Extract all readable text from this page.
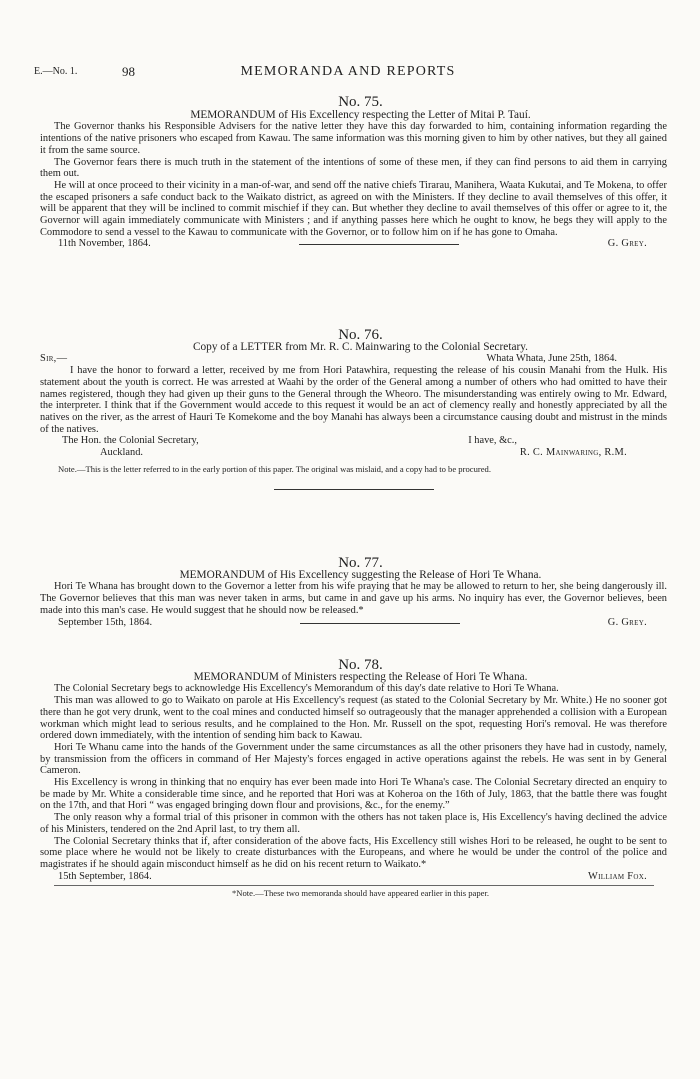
E.—No. 1.	98	MEMORANDA AND REPORTS

No. 75.

MEMORANDUM of His Excellency respecting the Letter of Mitai P. Tauí.

The Governor thanks his Responsible Advisers for the native letter they have this day forwarded to him, containing information regarding the intentions of the native prisoners who escaped from Kawau. The same information was this morning given to him by other natives, but they all gained it from the same source.

The Governor fears there is much truth in the statement of the intentions of some of these men, if they can find persons to aid them in carrying them out.

He will at once proceed to their vicinity in a man-of-war, and send off the native chiefs Tirarau, Manihera, Waata Kukutai, and Te Mokena, to offer the escaped prisoners a safe conduct back to the Waikato district, as agreed on with the Ministers. If they decline to avail themselves of this offer, it will be apparent that they will be inclined to commit mischief if they can. But whether they decline to avail themselves of this offer or agree to it, the Governor will again immediately communicate with Ministers ; and if anything passes here which he ought to know, he begs they will apply to the Commodore to send a vessel to the Kawau to communicate with the Governor, or to follow him on if he has gone to Omaha.

11th November, 1864.	G. Grey.

No. 76.

Copy of a LETTER from Mr. R. C. Mainwaring to the Colonial Secretary.

Sir,—	Whata Whata, June 25th, 1864.

I have the honor to forward a letter, received by me from Hori Patawhira, requesting the release of his cousin Manahi from the Hulk. His statement about the youth is correct. He was arrested at Waahi by the order of the General among a number of others who had omitted to have their names registered, though they had given up their guns to the General through the Wheoro. The misunderstanding was entirely owing to Mr. Edward, the interpreter. I think that if the Government would accede to this request it would be an act of clemency really and honestly appreciated by all the natives on the river, as the arrest of Hauri Te Komekome and the boy Manahi has always been a circumstance causing doubt and mistrust in the minds of the natives.

The Hon. the Colonial Secretary,	I have, &c.,
Auckland.	R. C. Mainwaring, R.M.

Note.—This is the letter referred to in the early portion of this paper. The original was mislaid, and a copy had to be procured.

No. 77.

MEMORANDUM of His Excellency suggesting the Release of Hori Te Whana.

Hori Te Whana has brought down to the Governor a letter from his wife praying that he may be allowed to return to her, she being dangerously ill. The Governor believes that this man was never taken in arms, but came in and gave up his arms. No inquiry has ever, the Governor believes, been made into this man's case. He would suggest that he should now be released.*

September 15th, 1864.	G. Grey.

No. 78.

MEMORANDUM of Ministers respecting the Release of Hori Te Whana.

The Colonial Secretary begs to acknowledge His Excellency's Memorandum of this day's date relative to Hori Te Whana.

This man was allowed to go to Waikato on parole at His Excellency's request (as stated to the Colonial Secretary by Mr. White.) He no sooner got there than he got very drunk, went to the coal mines and conducted himself so outrageously that the manager apprehended a collision with a European workman which might lead to serious results, and he complained to the Hon. Mr. Russell on the spot, requesting Hori's removal. He was therefore ordered down immediately, with the intention of sending him back to Kawau.

Hori Te Whanu came into the hands of the Government under the same circumstances as all the other prisoners they have had in custody, namely, by transmission from the officers in command of Her Majesty's forces engaged in active operations against the rebels. He was sent in by General Cameron.

His Excellency is wrong in thinking that no enquiry has ever been made into Hori Te Whana's case. The Colonial Secretary directed an enquiry to be made by Mr. White a considerable time since, and he reported that Hori was at Koheroa on the 16th of July, 1863, that the battle there was fought on the 17th, and that Hori “ was engaged bringing down flour and provisions, &c., for the enemy.”

The only reason why a formal trial of this prisoner in common with the others has not taken place is, His Excellency's having declined the advice of his Ministers, tendered on the 2nd April last, to try them all.

The Colonial Secretary thinks that if, after consideration of the above facts, His Excellency still wishes Hori to be released, he ought to be sent to some place where he would not be likely to create disturbances with the Europeans, and where he would be under the control of the police and magistrates if he should again misconduct himself as he did on his recent return to Waikato.*

15th September, 1864.	William Fox.

*Note.—These two memoranda should have appeared earlier in this paper.
